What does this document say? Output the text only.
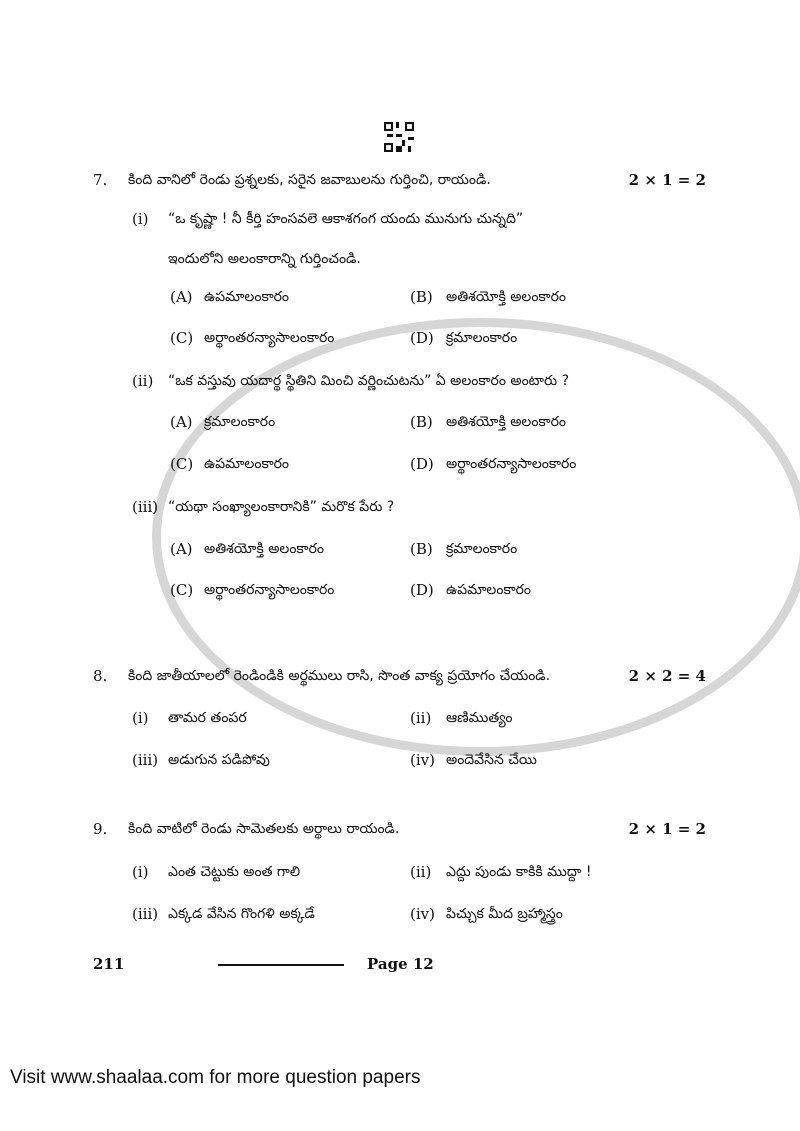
7. కింది వానిలో రెండు ప్రశ్నలకు, సరైన జవాబులను గుర్తించి, రాయండి.	2 × 1 = 2
(i) “ఒ కృష్ణా ! నీ కీర్తి హంసవలె ఆకాశగంగ యందు మునుగు చున్నది”
ఇందులోని అలంకారాన్ని గుర్తించండి.
(A) ఉపమాలంకారం	(B) అతిశయోక్తి అలంకారం
(C) అర్థాంతరన్యాసాలంకారం	(D) క్రమాలంకారం
(ii) “ఒక వస్తువు యదార్థ స్థితిని మించి వర్ణించుటను” ఏ అలంకారం అంటారు ?
(A) క్రమాలంకారం	(B) అతిశయోక్తి అలంకారం
(C) ఉపమాలంకారం	(D) అర్థాంతరన్యాసాలంకారం
(iii) “యథా సంఖ్యాలంకారానికి” మరొక పేరు ?
(A) అతిశయోక్తి అలంకారం	(B) క్రమాలంకారం
(C) అర్థాంతరన్యాసాలంకారం	(D) ఉపమాలంకారం
8. కింది జాతీయాలలో రెండిండికి అర్థములు రాసి, సొంత వాక్య ప్రయోగం చేయండి.	2 × 2 = 4
(i) తామర తంపర	(ii) ఆణిముత్యం
(iii) అడుగున పడిపోవు	(iv) అందెవేసిన చేయి
9. కింది వాటిలో రెండు సామెతలకు అర్థాలు రాయండి.	2 × 1 = 2
(i) ఎంత చెట్టుకు అంత గాలి	(ii) ఎద్దు పుండు కాకికి ముద్దా !
(iii) ఎక్కడ వేసిన గొంగళి అక్కడే	(iv) పిచ్చుక మీద బ్రహ్మాస్త్రం
211	Page 12
Visit www.shaalaa.com for more question papers
